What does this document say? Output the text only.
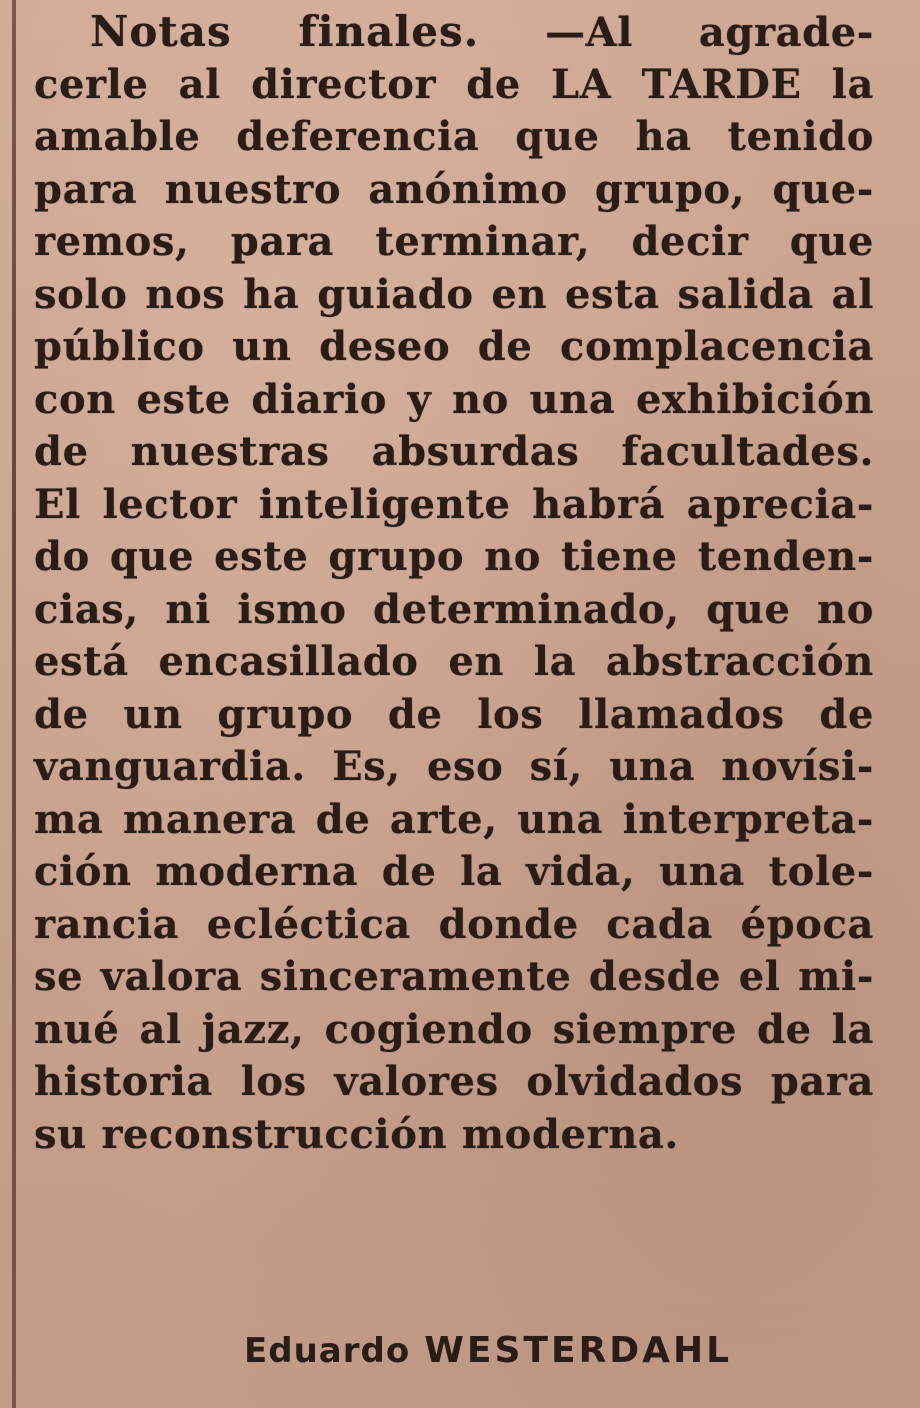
Notas finales. —Al agrade-
cerle al director de LA TARDE la
amable deferencia que ha tenido
para nuestro anónimo grupo, que-
remos, para terminar, decir que
solo nos ha guiado en esta salida al
público un deseo de complacencia
con este diario y no una exhibición
de nuestras absurdas facultades.
El lector inteligente habrá aprecia-
do que este grupo no tiene tenden-
cias, ni ismo determinado, que no
está encasillado en la abstracción
de un grupo de los llamados de
vanguardia. Es, eso sí, una novísi-
ma manera de arte, una interpreta-
ción moderna de la vida, una tole-
rancia ecléctica donde cada época
se valora sinceramente desde el mi-
nué al jazz, cogiendo siempre de la
historia los valores olvidados para
su reconstrucción moderna.
Eduardo WESTERDAHL
